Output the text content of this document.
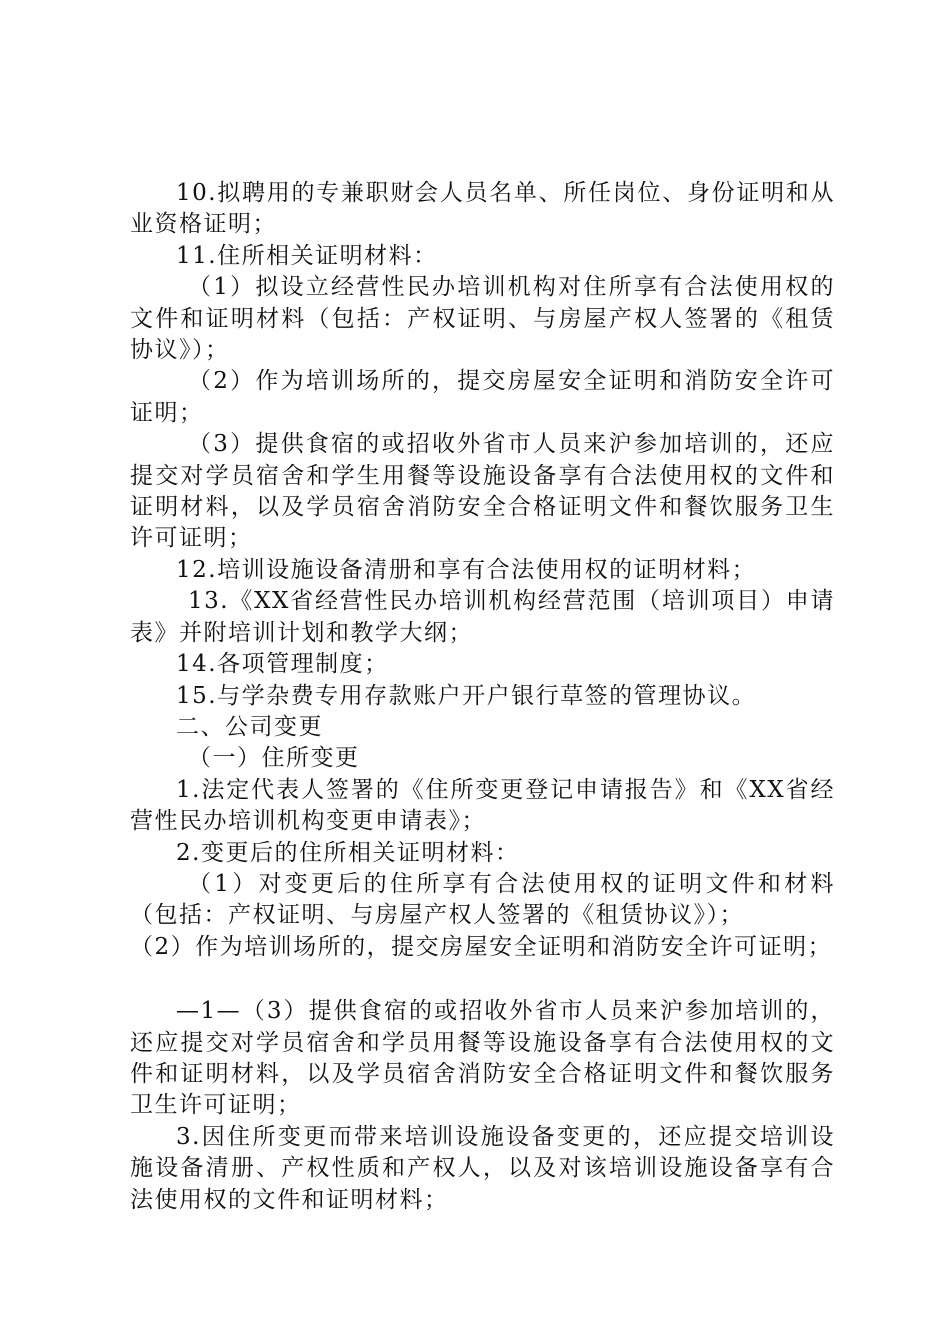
10.拟聘用的专兼职财会人员名单、所任岗位、身份证明和从业资格证明；

11.住所相关证明材料：

（1）拟设立经营性民办培训机构对住所享有合法使用权的文件和证明材料（包括：产权证明、与房屋产权人签署的《租赁协议》）；

（2）作为培训场所的，提交房屋安全证明和消防安全许可证明；

（3）提供食宿的或招收外省市人员来沪参加培训的，还应提交对学员宿舍和学生用餐等设施设备享有合法使用权的文件和证明材料，以及学员宿舍消防安全合格证明文件和餐饮服务卫生许可证明；

12.培训设施设备清册和享有合法使用权的证明材料；

13.《XX省经营性民办培训机构经营范围（培训项目）申请表》并附培训计划和教学大纲；

14.各项管理制度；

15.与学杂费专用存款账户开户银行草签的管理协议。

二、公司变更

（一）住所变更

1.法定代表人签署的《住所变更登记申请报告》和《XX省经营性民办培训机构变更申请表》；

2.变更后的住所相关证明材料：

（1）对变更后的住所享有合法使用权的证明文件和材料（包括：产权证明、与房屋产权人签署的《租赁协议》）；

（2）作为培训场所的，提交房屋安全证明和消防安全许可证明；

—1—（3）提供食宿的或招收外省市人员来沪参加培训的，还应提交对学员宿舍和学员用餐等设施设备享有合法使用权的文件和证明材料，以及学员宿舍消防安全合格证明文件和餐饮服务卫生许可证明；

3.因住所变更而带来培训设施设备变更的，还应提交培训设施设备清册、产权性质和产权人，以及对该培训设施设备享有合法使用权的文件和证明材料；
